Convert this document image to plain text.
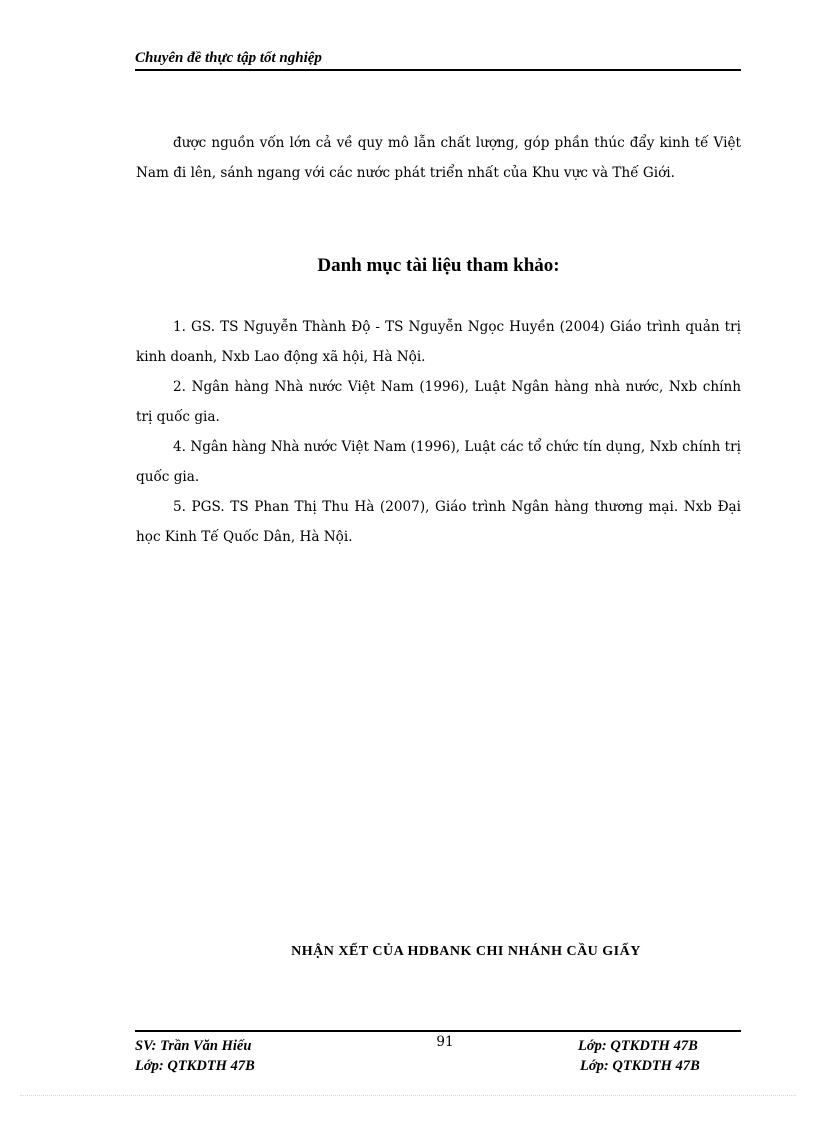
Chuyên đề thực tập tốt nghiệp
được nguồn vốn lớn cả về quy mô lẫn chất lượng, góp phần thúc đẩy kinh tế Việt Nam đi lên, sánh ngang với các nước phát triển nhất của Khu vực và Thế Giới.
Danh mục tài liệu tham khảo:

1. GS. TS Nguyễn Thành Độ - TS Nguyễn Ngọc Huyền (2004) Giáo trình quản trị kinh doanh, Nxb Lao động xã hội, Hà Nội.

2. Ngân hàng Nhà nước Việt Nam (1996), Luật Ngân hàng nhà nước, Nxb chính trị quốc gia.

4. Ngân hàng Nhà nước Việt Nam (1996), Luật các tổ chức tín dụng, Nxb chính trị quốc gia.

5. PGS. TS Phan Thị Thu Hà (2007), Giáo trình Ngân hàng thương mại. Nxb Đại học Kinh Tế Quốc Dân, Hà Nội.

NHẬN XẾT CỦA HDBANK CHI NHÁNH CẦU GIẤY
SV: Trần Văn Hiếu
Lớp: QTKDTH 47B
91	Lớp: QTKDTH 47B
Lớp: QTKDTH 47B
